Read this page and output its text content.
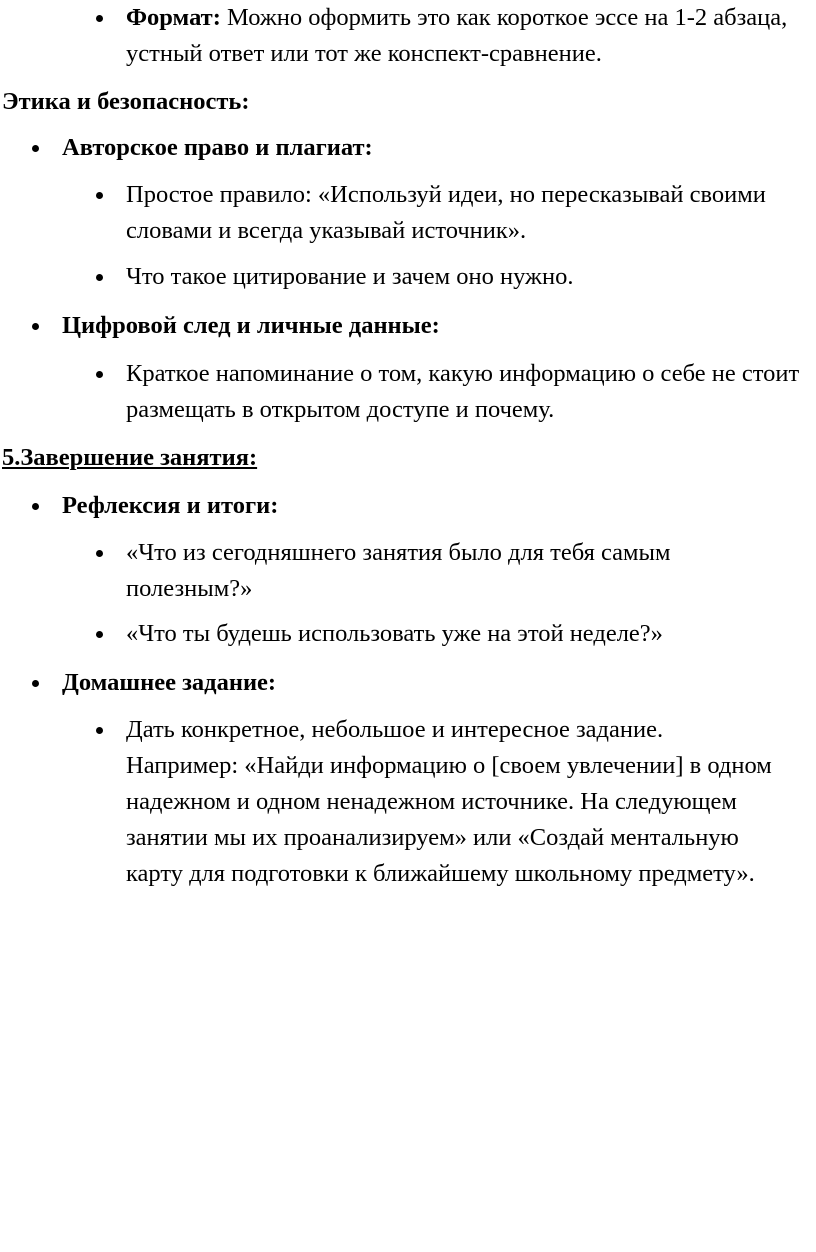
Формат: Можно оформить это как короткое эссе на 1-2 абзаца, устный ответ или тот же конспект-сравнение.
Этика и безопасность:
Авторское право и плагиат:
Простое правило: «Используй идеи, но пересказывай своими словами и всегда указывай источник».
Что такое цитирование и зачем оно нужно.
Цифровой след и личные данные:
Краткое напоминание о том, какую информацию о себе не стоит размещать в открытом доступе и почему.
5.Завершение занятия:
Рефлексия и итоги:
«Что из сегодняшнего занятия было для тебя самым полезным?»
«Что ты будешь использовать уже на этой неделе?»
Домашнее задание:
Дать конкретное, небольшое и интересное задание. Например: «Найди информацию о [своем увлечении] в одном надежном и одном ненадежном источнике. На следующем занятии мы их проанализируем» или «Создай ментальную карту для подготовки к ближайшему школьному предмету».
